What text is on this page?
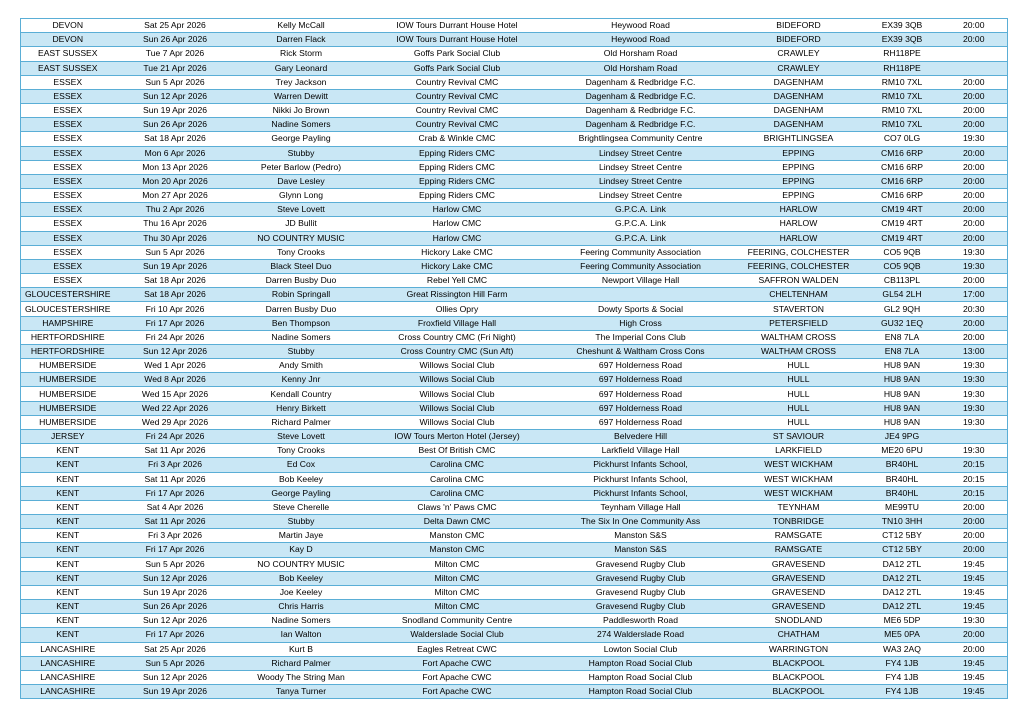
DEVON	Sat 25 Apr 2026	Kelly McCall	IOW Tours Durrant House Hotel	Heywood Road	BIDEFORD	EX39 3QB	20:00
DEVON	Sun 26 Apr 2026	Darren Flack	IOW Tours Durrant House Hotel	Heywood Road	BIDEFORD	EX39 3QB	20:00
EAST SUSSEX	Tue 7 Apr 2026	Rick Storm	Goffs Park Social Club	Old Horsham Road	CRAWLEY	RH118PE	
EAST SUSSEX	Tue 21 Apr 2026	Gary Leonard	Goffs Park Social Club	Old Horsham Road	CRAWLEY	RH118PE	
ESSEX	Sun 5 Apr 2026	Trey Jackson	Country Revival CMC	Dagenham & Redbridge F.C.	DAGENHAM	RM10 7XL	20:00
ESSEX	Sun 12 Apr 2026	Warren Dewitt	Country Revival CMC	Dagenham & Redbridge F.C.	DAGENHAM	RM10 7XL	20:00
ESSEX	Sun 19 Apr 2026	Nikki Jo Brown	Country Revival CMC	Dagenham & Redbridge F.C.	DAGENHAM	RM10 7XL	20:00
ESSEX	Sun 26 Apr 2026	Nadine Somers	Country Revival CMC	Dagenham & Redbridge F.C.	DAGENHAM	RM10 7XL	20:00
ESSEX	Sat 18 Apr 2026	George Payling	Crab & Winkle CMC	Brightlingsea Community Centre	BRIGHTLINGSEA	CO7 0LG	19:30
ESSEX	Mon 6 Apr 2026	Stubby	Epping Riders CMC	Lindsey Street Centre	EPPING	CM16 6RP	20:00
ESSEX	Mon 13 Apr 2026	Peter Barlow (Pedro)	Epping Riders CMC	Lindsey Street Centre	EPPING	CM16 6RP	20:00
ESSEX	Mon 20 Apr 2026	Dave Lesley	Epping Riders CMC	Lindsey Street Centre	EPPING	CM16 6RP	20:00
ESSEX	Mon 27 Apr 2026	Glynn Long	Epping Riders CMC	Lindsey Street Centre	EPPING	CM16 6RP	20:00
ESSEX	Thu 2 Apr 2026	Steve Lovett	Harlow CMC	G.P.C.A. Link	HARLOW	CM19 4RT	20:00
ESSEX	Thu 16 Apr 2026	JD Bullit	Harlow CMC	G.P.C.A. Link	HARLOW	CM19 4RT	20:00
ESSEX	Thu 30 Apr 2026	NO COUNTRY MUSIC	Harlow CMC	G.P.C.A. Link	HARLOW	CM19 4RT	20:00
ESSEX	Sun 5 Apr 2026	Tony Crooks	Hickory Lake CMC	Feering Community Association	FEERING, COLCHESTER	CO5 9QB	19:30
ESSEX	Sun 19 Apr 2026	Black Steel Duo	Hickory Lake CMC	Feering Community Association	FEERING, COLCHESTER	CO5 9QB	19:30
ESSEX	Sat 18 Apr 2026	Darren Busby Duo	Rebel Yell CMC	Newport Village Hall	SAFFRON WALDEN	CB113PL	20:00
GLOUCESTERSHIRE	Sat 18 Apr 2026	Robin Springall	Great Rissington Hill Farm		CHELTENHAM	GL54 2LH	17:00
GLOUCESTERSHIRE	Fri 10 Apr 2026	Darren Busby Duo	Ollies Opry	Dowty Sports & Social	STAVERTON	GL2 9QH	20:30
HAMPSHIRE	Fri 17 Apr 2026	Ben Thompson	Froxfield Village Hall	High Cross	PETERSFIELD	GU32 1EQ	20:00
HERTFORDSHIRE	Fri 24 Apr 2026	Nadine Somers	Cross Country CMC (Fri Night)	The Imperial Cons Club	WALTHAM CROSS	EN8 7LA	20:00
HERTFORDSHIRE	Sun 12 Apr 2026	Stubby	Cross Country CMC (Sun Aft)	Cheshunt & Waltham Cross Cons	WALTHAM CROSS	EN8 7LA	13:00
HUMBERSIDE	Wed 1 Apr 2026	Andy Smith	Willows Social Club	697 Holderness Road	HULL	HU8 9AN	19:30
HUMBERSIDE	Wed 8 Apr 2026	Kenny Jnr	Willows Social Club	697 Holderness Road	HULL	HU8 9AN	19:30
HUMBERSIDE	Wed 15 Apr 2026	Kendall Country	Willows Social Club	697 Holderness Road	HULL	HU8 9AN	19:30
HUMBERSIDE	Wed 22 Apr 2026	Henry Birkett	Willows Social Club	697 Holderness Road	HULL	HU8 9AN	19:30
HUMBERSIDE	Wed 29 Apr 2026	Richard Palmer	Willows Social Club	697 Holderness Road	HULL	HU8 9AN	19:30
JERSEY	Fri 24 Apr 2026	Steve Lovett	IOW Tours Merton Hotel (Jersey)	Belvedere Hill	ST SAVIOUR	JE4 9PG	
KENT	Sat 11 Apr 2026	Tony Crooks	Best Of British CMC	Larkfield Village Hall	LARKFIELD	ME20 6PU	19:30
KENT	Fri 3 Apr 2026	Ed Cox	Carolina CMC	Pickhurst Infants School,	WEST WICKHAM	BR40HL	20:15
KENT	Sat 11 Apr 2026	Bob Keeley	Carolina CMC	Pickhurst Infants School,	WEST WICKHAM	BR40HL	20:15
KENT	Fri 17 Apr 2026	George Payling	Carolina CMC	Pickhurst Infants School,	WEST WICKHAM	BR40HL	20:15
KENT	Sat 4 Apr 2026	Steve Cherelle	Claws 'n' Paws CMC	Teynham Village Hall	TEYNHAM	ME99TU	20:00
KENT	Sat 11 Apr 2026	Stubby	Delta Dawn CMC	The Six In One Community Ass	TONBRIDGE	TN10 3HH	20:00
KENT	Fri 3 Apr 2026	Martin Jaye	Manston CMC	Manston S&S	RAMSGATE	CT12 5BY	20:00
KENT	Fri 17 Apr 2026	Kay D	Manston CMC	Manston S&S	RAMSGATE	CT12 5BY	20:00
KENT	Sun 5 Apr 2026	NO COUNTRY MUSIC	Milton CMC	Gravesend Rugby Club	GRAVESEND	DA12 2TL	19:45
KENT	Sun 12 Apr 2026	Bob Keeley	Milton CMC	Gravesend Rugby Club	GRAVESEND	DA12 2TL	19:45
KENT	Sun 19 Apr 2026	Joe Keeley	Milton CMC	Gravesend Rugby Club	GRAVESEND	DA12 2TL	19:45
KENT	Sun 26 Apr 2026	Chris Harris	Milton CMC	Gravesend Rugby Club	GRAVESEND	DA12 2TL	19:45
KENT	Sun 12 Apr 2026	Nadine Somers	Snodland Community Centre	Paddlesworth Road	SNODLAND	ME6 5DP	19:30
KENT	Fri 17 Apr 2026	Ian Walton	Walderslade Social Club	274 Walderslade Road	CHATHAM	ME5 0PA	20:00
LANCASHIRE	Sat 25 Apr 2026	Kurt B	Eagles Retreat CWC	Lowton Social Club	WARRINGTON	WA3 2AQ	20:00
LANCASHIRE	Sun 5 Apr 2026	Richard Palmer	Fort Apache CWC	Hampton Road Social Club	BLACKPOOL	FY4 1JB	19:45
LANCASHIRE	Sun 12 Apr 2026	Woody The String Man	Fort Apache CWC	Hampton Road Social Club	BLACKPOOL	FY4 1JB	19:45
LANCASHIRE	Sun 19 Apr 2026	Tanya Turner	Fort Apache CWC	Hampton Road Social Club	BLACKPOOL	FY4 1JB	19:45
